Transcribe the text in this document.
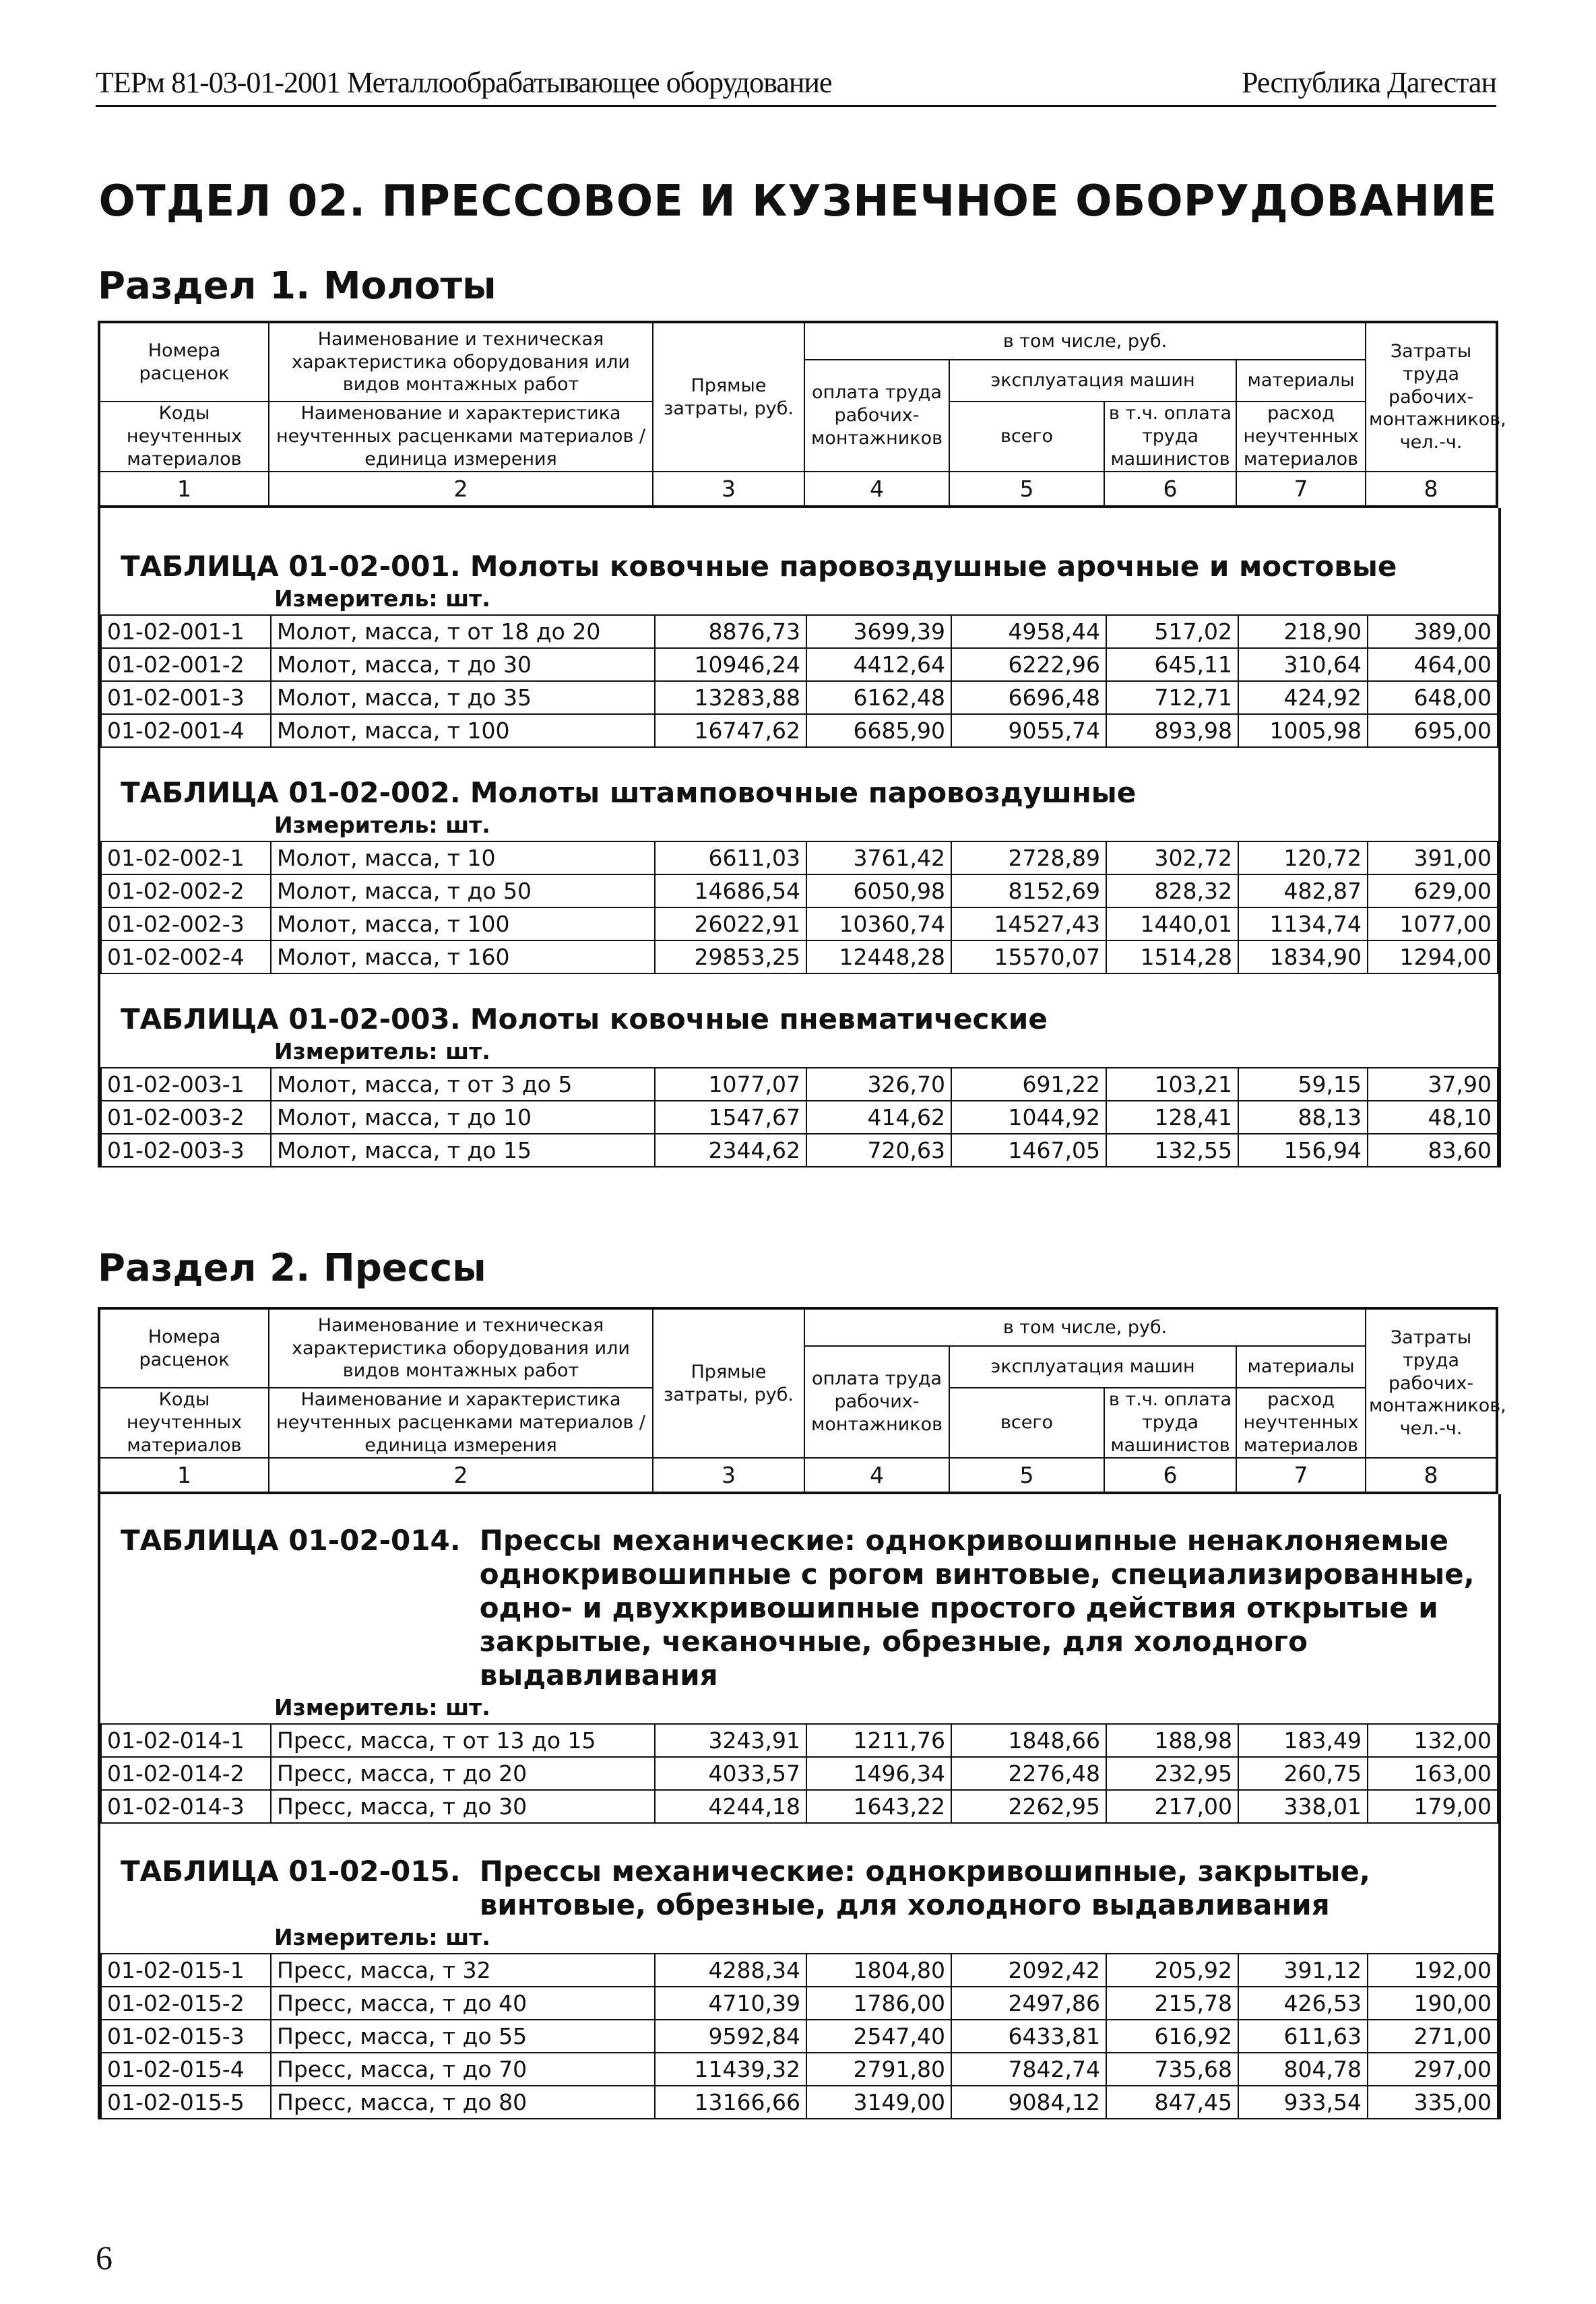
ТЕРм 81-03-01-2001 Металлообрабатывающее оборудование	Республика Дагестан
ОТДЕЛ 02. ПРЕССОВОЕ И КУЗНЕЧНОЕ ОБОРУДОВАНИЕ
Раздел 1. Молоты
Номера расценок	Наименование и техническая характеристика оборудования или видов монтажных работ	Прямые затраты, руб.	в том числе, руб.				Затраты труда рабочих-монтажников, чел.-ч.
			оплата труда рабочих-монтажников	эксплуатация машин		материалы	
Коды неучтенных материалов	Наименование и характеристика неучтенных расценками материалов / единица измерения			всего	в т.ч. оплата труда машинистов	расход неучтенных материалов	

1	2	3	4	5	6	7	8
ТАБЛИЦА 01-02-001. Молоты ковочные паровоздушные арочные и мостовые
Измеритель: шт.
01-02-001-1	Молот, масса, т от 18 до 20	8876,73	3699,39	4958,44	517,02	218,90	389,00
01-02-001-2	Молот, масса, т до 30	10946,24	4412,64	6222,96	645,11	310,64	464,00
01-02-001-3	Молот, масса, т до 35	13283,88	6162,48	6696,48	712,71	424,92	648,00
01-02-001-4	Молот, масса, т 100	16747,62	6685,90	9055,74	893,98	1005,98	695,00
ТАБЛИЦА 01-02-002. Молоты штамповочные паровоздушные
Измеритель: шт.
01-02-002-1	Молот, масса, т 10	6611,03	3761,42	2728,89	302,72	120,72	391,00
01-02-002-2	Молот, масса, т до 50	14686,54	6050,98	8152,69	828,32	482,87	629,00
01-02-002-3	Молот, масса, т 100	26022,91	10360,74	14527,43	1440,01	1134,74	1077,00
01-02-002-4	Молот, масса, т 160	29853,25	12448,28	15570,07	1514,28	1834,90	1294,00
ТАБЛИЦА 01-02-003. Молоты ковочные пневматические
Измеритель: шт.
01-02-003-1	Молот, масса, т от 3 до 5	1077,07	326,70	691,22	103,21	59,15	37,90
01-02-003-2	Молот, масса, т до 10	1547,67	414,62	1044,92	128,41	88,13	48,10
01-02-003-3	Молот, масса, т до 15	2344,62	720,63	1467,05	132,55	156,94	83,60
Раздел 2. Прессы
Номера расценок	Наименование и техническая характеристика оборудования или видов монтажных работ	Прямые затраты, руб.	в том числе, руб.				Затраты труда рабочих-монтажников, чел.-ч.
			оплата труда рабочих-монтажников	эксплуатация машин		материалы	
Коды неучтенных материалов	Наименование и характеристика неучтенных расценками материалов / единица измерения			всего	в т.ч. оплата труда машинистов	расход неучтенных материалов	

1	2	3	4	5	6	7	8
ТАБЛИЦА 01-02-014. Прессы механические: однокривошипные ненаклоняемые однокривошипные с рогом винтовые, специализированные, одно- и двухкривошипные простого действия открытые и закрытые, чеканочные, обрезные, для холодного выдавливания
Измеритель: шт.
01-02-014-1	Пресс, масса, т от 13 до 15	3243,91	1211,76	1848,66	188,98	183,49	132,00
01-02-014-2	Пресс, масса, т до 20	4033,57	1496,34	2276,48	232,95	260,75	163,00
01-02-014-3	Пресс, масса, т до 30	4244,18	1643,22	2262,95	217,00	338,01	179,00
ТАБЛИЦА 01-02-015. Прессы механические: однокривошипные, закрытые, винтовые, обрезные, для холодного выдавливания
Измеритель: шт.
01-02-015-1	Пресс, масса, т 32	4288,34	1804,80	2092,42	205,92	391,12	192,00
01-02-015-2	Пресс, масса, т до 40	4710,39	1786,00	2497,86	215,78	426,53	190,00
01-02-015-3	Пресс, масса, т до 55	9592,84	2547,40	6433,81	616,92	611,63	271,00
01-02-015-4	Пресс, масса, т до 70	11439,32	2791,80	7842,74	735,68	804,78	297,00
01-02-015-5	Пресс, масса, т до 80	13166,66	3149,00	9084,12	847,45	933,54	335,00
6
